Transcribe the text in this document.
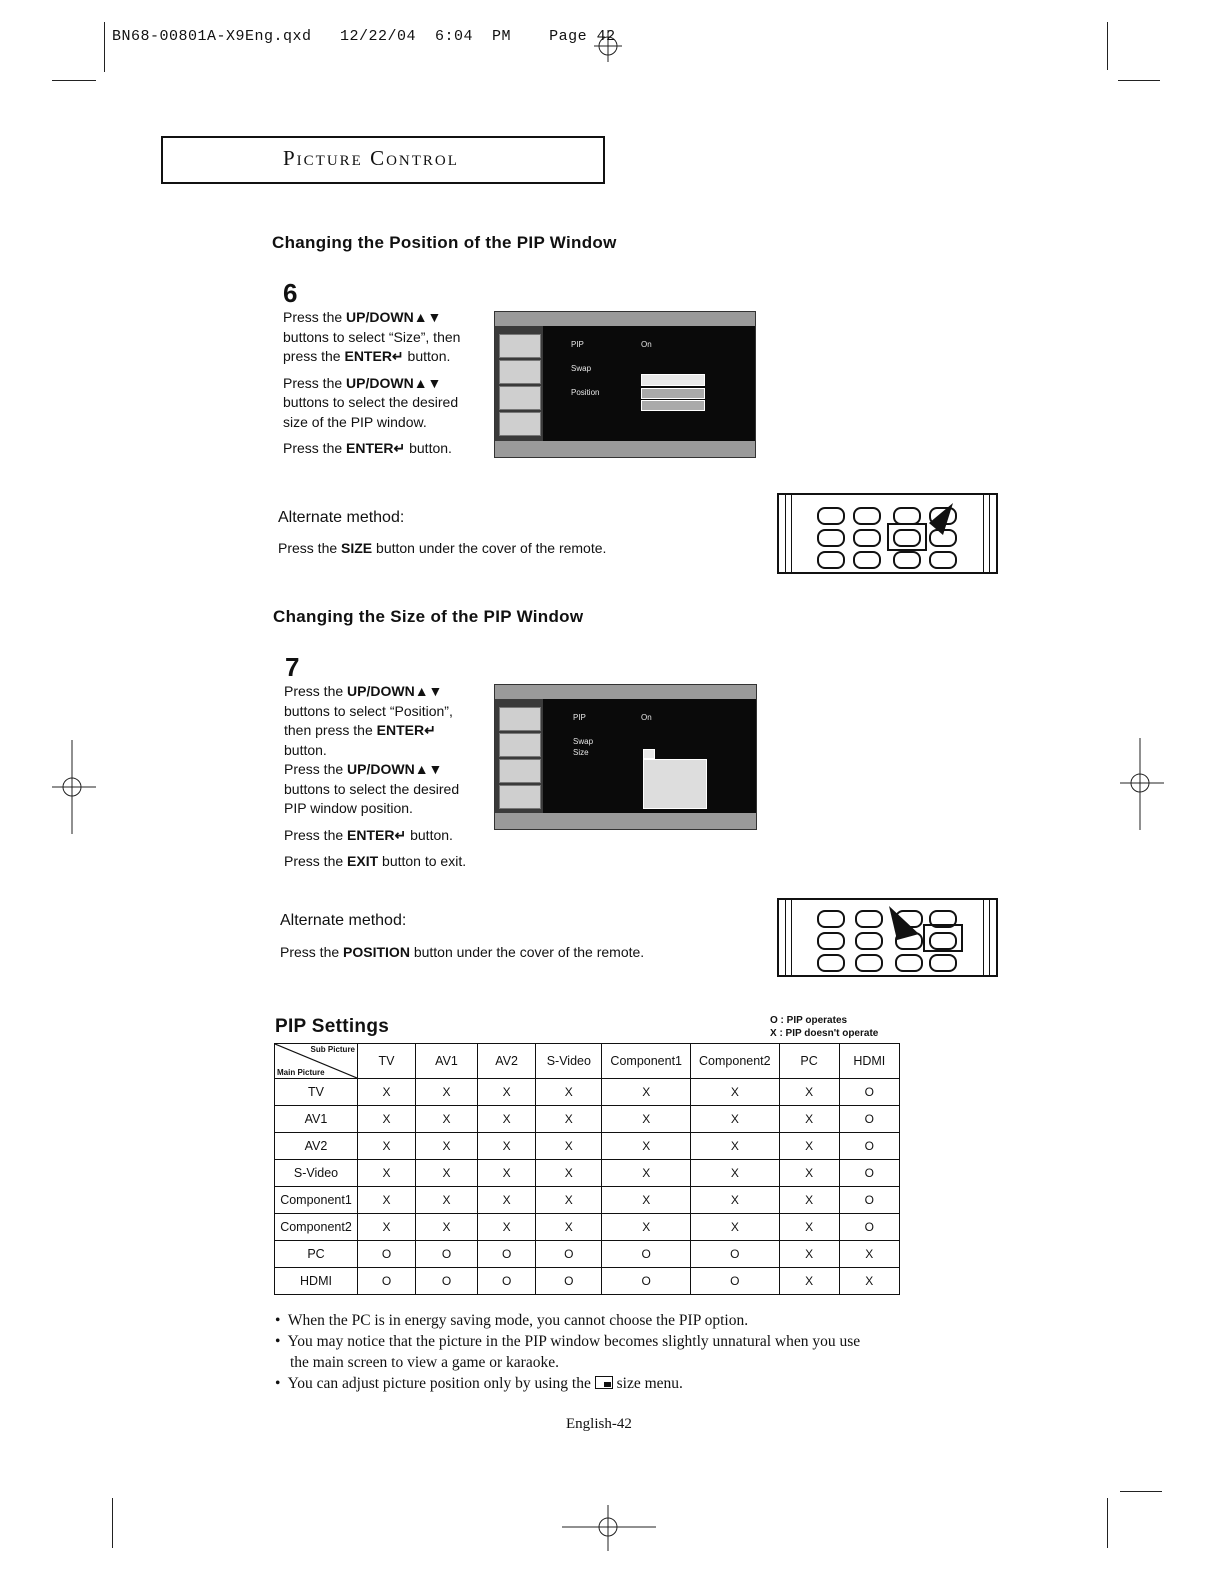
BN68-00801A-X9Eng.qxd   12/22/04  6:04  PM    Page 42
Picture Control
Changing the Position of the PIP Window
6
Press the UP/DOWN▲▼
buttons to select “Size”, then
press the ENTER↵ button.
Press the UP/DOWN▲▼
buttons to select the desired
size of the PIP window.
Press the ENTER↵ button.
PIP	On
Swap
Position
Alternate method:
Press the SIZE button under the cover of the remote.
Changing the Size of the PIP Window
7
Press the UP/DOWN▲▼
buttons to select “Position”,
then press the ENTER↵
button.
Press the UP/DOWN▲▼
buttons to select the desired
PIP window position.
Press the ENTER↵ button.
Press the EXIT button to exit.
PIP	On
Swap
Size
Alternate method:
Press the POSITION button under the cover of the remote.
PIP Settings	O : PIP operates
X : PIP doesn't operate
Sub Picture
Main Picture	TV	AV1	AV2	S-Video	Component1	Component2	PC	HDMI
TV	X	X	X	X	X	X	X	O
AV1	X	X	X	X	X	X	X	O
AV2	X	X	X	X	X	X	X	O
S-Video	X	X	X	X	X	X	X	O
Component1	X	X	X	X	X	X	X	O
Component2	X	X	X	X	X	X	X	O
PC	O	O	O	O	O	O	X	X
HDMI	O	O	O	O	O	O	X	X
•  When the PC is in energy saving mode, you cannot choose the PIP option.
•  You may notice that the picture in the PIP window becomes slightly unnatural when you use
the main screen to view a game or karaoke.
•  You can adjust picture position only by using the
size menu.
English-42
